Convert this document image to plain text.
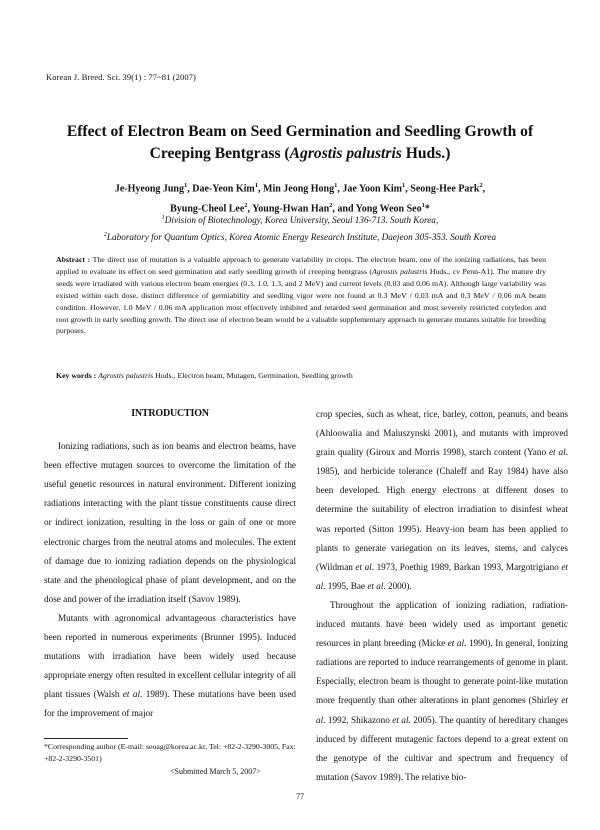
Korean J. Breed. Sci. 39(1) : 77~81 (2007)
Effect of Electron Beam on Seed Germination and Seedling Growth of
Creeping Bentgrass (Agrostis palustris Huds.)
Je-Hyeong Jung$^1$, Dae-Yeon Kim$^1$, Min Jeong Hong$^1$, Jae Yoon Kim$^1$, Seong-Hee Park$^2$,
Byung-Cheol Lee$^2$, Young-Hwan Han$^2$, and Yong Weon Seo$^1$*
$^1$Division of Biotechnology, Korea University, Seoul 136-713. South Korea,
$^2$Laboratory for Quantum Optics, Korea Atomic Energy Research Institute, Daejeon 305-353. South Korea
Abstract : The direct use of mutation is a valuable approach to generate variability in crops. The electron beam, one of the ionizing radiations, has been applied to evaluate its effect on seed germination and early seedling growth of creeping bentgrass (Agrostis palustris Huds., cv Penn-A1). The mature dry seeds were irradiated with various electron beam energies (0.3, 1.0, 1.3, and 2 MeV) and current levels (0.03 and 0.06 mA). Although large variability was existed within each dose, distinct difference of germiability and seedling vigor were not found at 0.3 MeV / 0.03 mA and 0.3 MeV / 0.06 mA beam condition. However, 1.0 MeV / 0.06 mA application most effectively inhibited and retarded seed germination and most severely restricted cotyledon and root growth in early seedling growth. The direct use of electron beam would be a valuable supplementary approach to generate mutants suitable for breeding purposes.
Key words : Agrostis palustris Huds., Electron beam, Mutagen, Germination, Seedling growth
INTRODUCTION

Ionizing radiations, such as ion beams and electron beams, have been effective mutagen sources to overcome the limitation of the useful genetic resources in natural environment. Different ionizing radiations interacting with the plant tissue constituents cause direct or indirect ionization, resulting in the loss or gain of one or more electronic charges from the neutral atoms and molecules. The extent of damage due to ionizing radiation depends on the physiological state and the phenological phase of plant development, and on the dose and power of the irradiation itself (Savov 1989).

Mutants with agronomical advantageous characteristics have been reported in numerous experiments (Brunner 1995). Induced mutations with irradiation have been widely used because appropriate energy often resulted in excellent cellular integrity of all plant tissues (Walsh et al. 1989). These mutations have been used for the improvement of major

crop species, such as wheat, rice, barley, cotton, peanuts, and beans (Ahloowalia and Maluszynski 2001), and mutants with improved grain quality (Giroux and Morris 1998), starch content (Yano et al. 1985), and herbicide tolerance (Chaleff and Ray 1984) have also been developed. High energy electrons at different doses to determine the suitability of electron irradiation to disinfest wheat was reported (Sitton 1995). Heavy-ion beam has been applied to plants to generate variegation on its leaves, stems, and calyces (Wildman et al. 1973, Poethig 1989, Barkan 1993, Margotrigiano et al. 1995, Bae et al. 2000).

Throughout the application of ionizing radiation, radiation-induced mutants have been widely used as important genetic resources in plant breeding (Micke et al. 1990). In general, Ionizing radiations are reported to induce rearrangements of genome in plant. Especially, electron beam is thought to generate point-like mutation more frequently than other alterations in plant genomes (Shirley et al. 1992, Shikazono et al. 2005). The quantity of hereditary changes induced by different mutagenic factors depend to a great extent on the genotype of the cultivar and spectrum and frequency of mutation (Savov 1989). The relative bio-

*Corresponding author (E-mail: seoag@korea.ac.kr, Tel: +82-2-3290-3005, Fax: +82-2-3290-3501)
<Submitted March 5, 2007>
77
